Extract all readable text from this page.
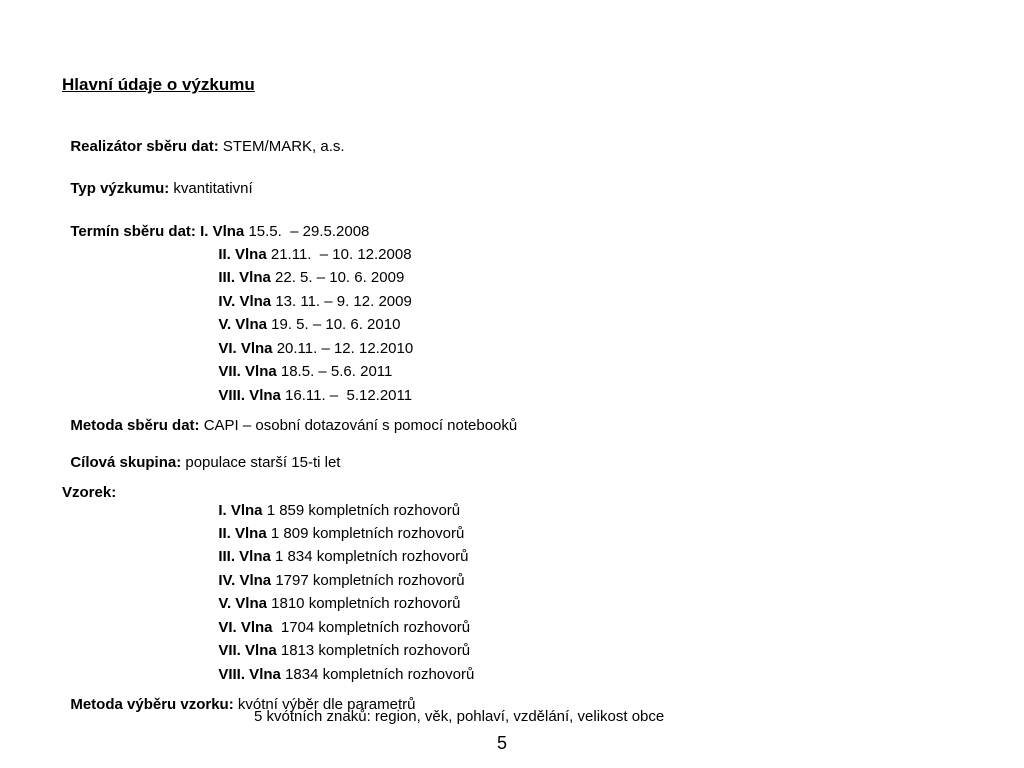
Hlavní údaje o výzkumu

Realizátor sběru dat: STEM/MARK, a.s.

Typ výzkumu: kvantitativní

Termín sběru dat: I. Vlna 15.5.  – 29.5.2008

II. Vlna 21.11.  – 10. 12.2008

III. Vlna 22. 5. – 10. 6. 2009

IV. Vlna 13. 11. – 9. 12. 2009

V. Vlna 19. 5. – 10. 6. 2010

VI. Vlna 20.11. – 12. 12.2010

VII. Vlna 18.5. – 5.6. 2011

VIII. Vlna 16.11. –  5.12.2011

Metoda sběru dat: CAPI – osobní dotazování s pomocí notebooků

Cílová skupina: populace starší 15-ti let

Vzorek:

I. Vlna 1 859 kompletních rozhovorů

II. Vlna 1 809 kompletních rozhovorů

III. Vlna 1 834 kompletních rozhovorů

IV. Vlna 1797 kompletních rozhovorů

V. Vlna 1810 kompletních rozhovorů

VI. Vlna  1704 kompletních rozhovorů

VII. Vlna 1813 kompletních rozhovorů

VIII. Vlna 1834 kompletních rozhovorů

Metoda výběru vzorku: kvótní výběr dle parametrů

5 kvótních znaků: region, věk, pohlaví, vzdělání, velikost obce
5
